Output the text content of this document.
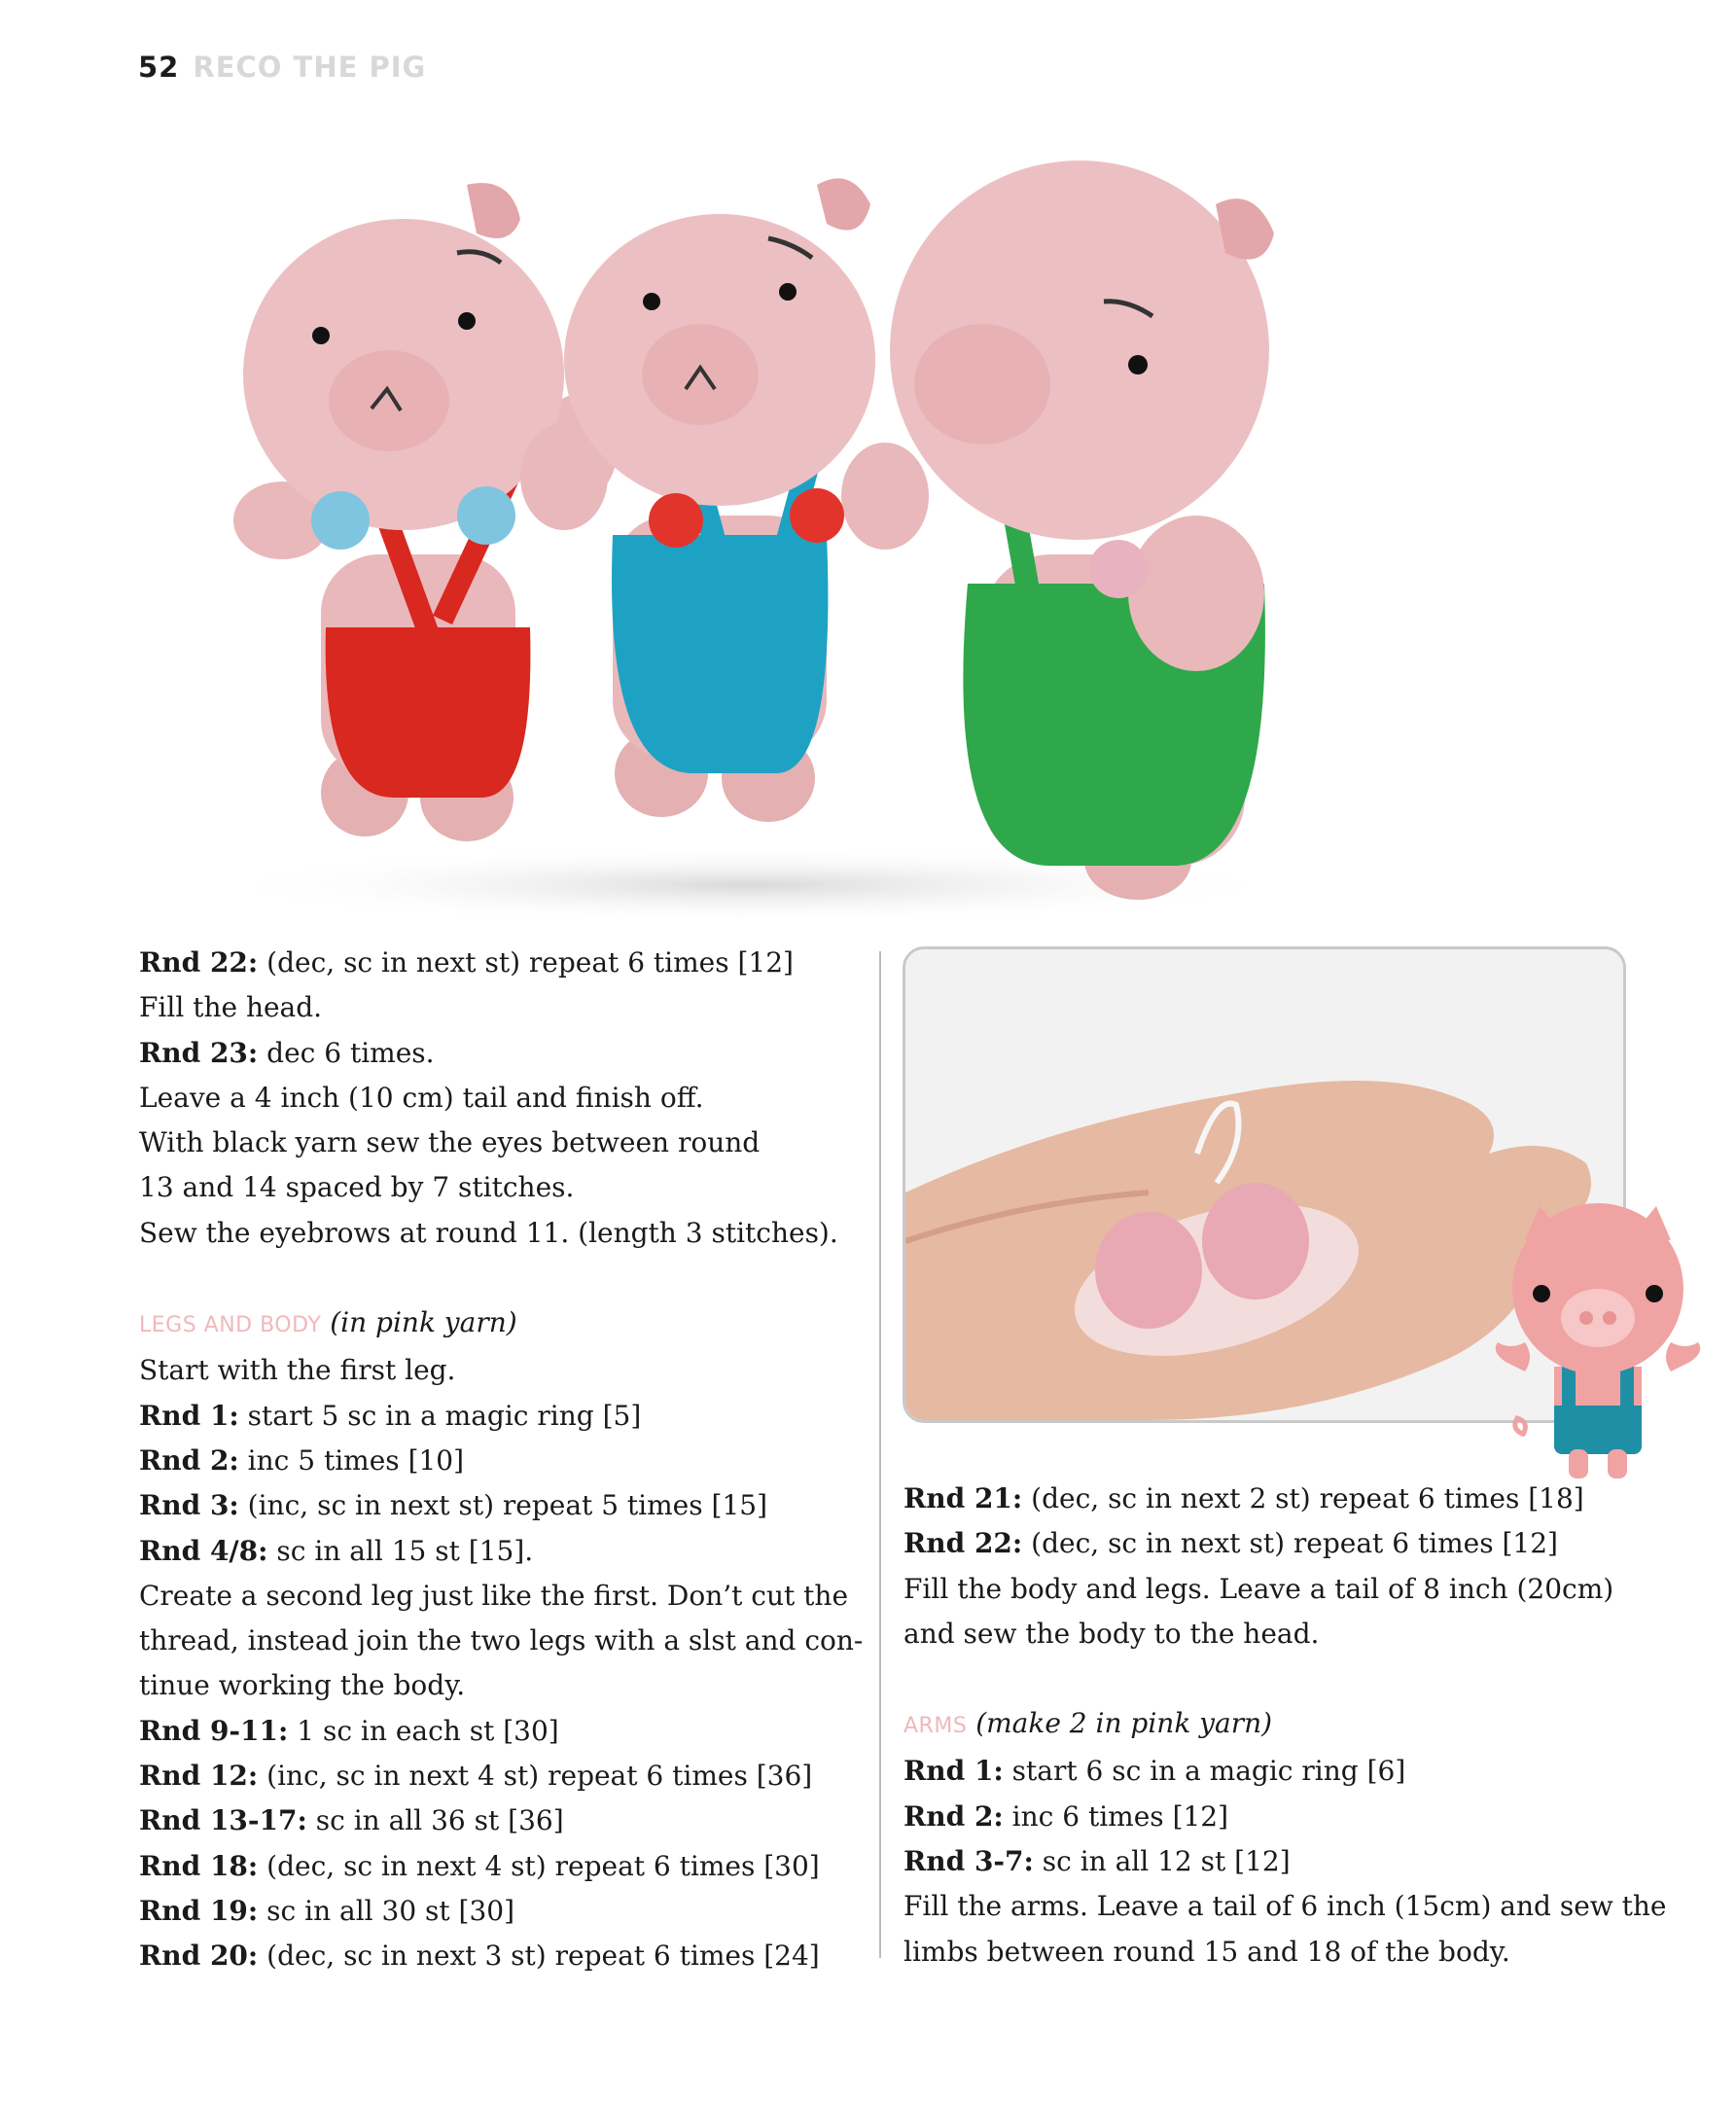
52 RECO THE PIG

Rnd 22: (dec, sc in next st) repeat 6 times [12]

Fill the head.

Rnd 23: dec 6 times.

Leave a 4 inch (10 cm) tail and finish off.

With black yarn sew the eyes between round

13 and 14 spaced by 7 stitches.

Sew the eyebrows at round 11. (length 3 stitches).

LEGS AND BODY (in pink yarn)

Start with the first leg.

Rnd 1: start 5 sc in a magic ring [5]

Rnd 2: inc 5 times [10]

Rnd 3: (inc, sc in next st) repeat 5 times [15]

Rnd 4/8: sc in all 15 st [15].

Create a second leg just like the first. Don’t cut the

thread, instead join the two legs with a slst and con-

tinue working the body.

Rnd 9-11: 1 sc in each st [30]

Rnd 12: (inc, sc in next 4 st) repeat 6 times [36]

Rnd 13-17: sc in all 36 st [36]

Rnd 18: (dec, sc in next 4 st) repeat 6 times [30]

Rnd 19: sc in all 30 st [30]

Rnd 20: (dec, sc in next 3 st) repeat 6 times [24]

Rnd 21: (dec, sc in next 2 st) repeat 6 times [18]

Rnd 22: (dec, sc in next st) repeat 6 times [12]

Fill the body and legs. Leave a tail of 8 inch (20cm)

and sew the body to the head.

ARMS (make 2 in pink yarn)

Rnd 1: start 6 sc in a magic ring [6]

Rnd 2: inc 6 times [12]

Rnd 3-7: sc in all 12 st [12]

Fill the arms. Leave a tail of 6 inch (15cm) and sew the

limbs between round 15 and 18 of the body.
